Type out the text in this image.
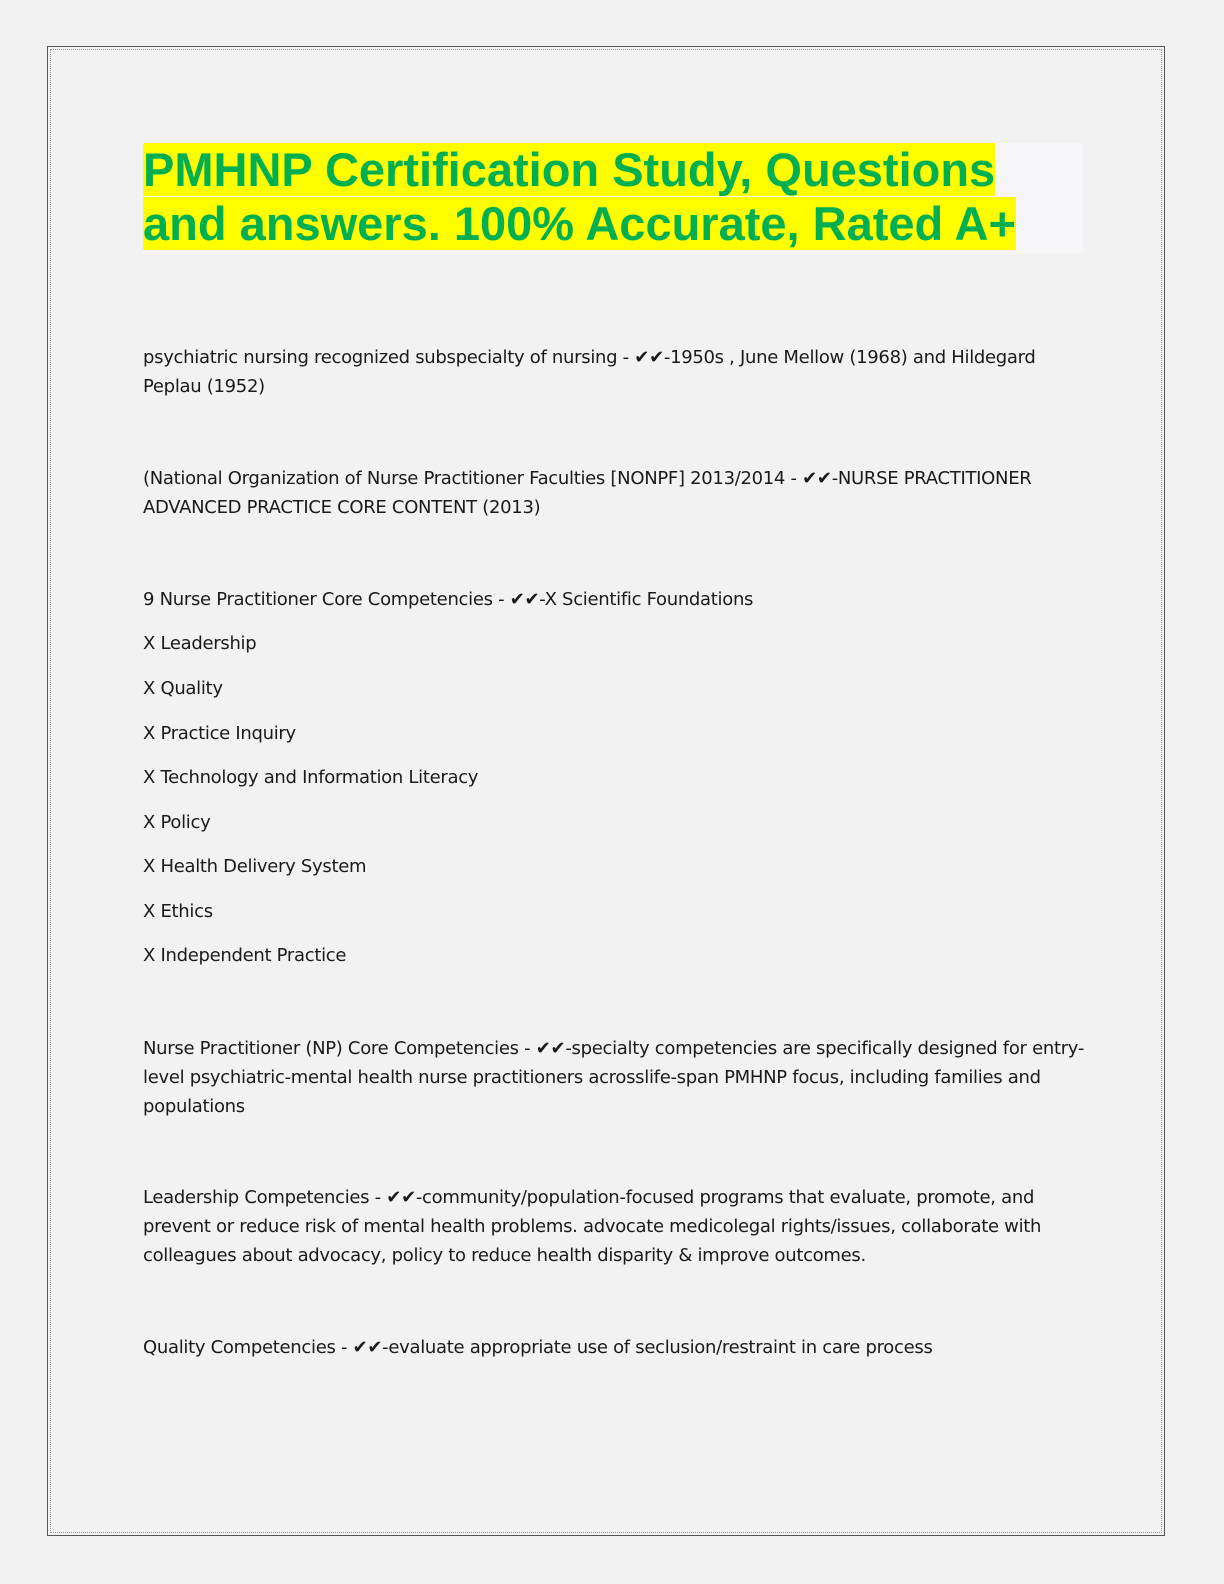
PMHNP Certification Study, Questions and answers. 100% Accurate, Rated A+

psychiatric nursing recognized subspecialty of nursing - ✔✔-1950s , June Mellow (1968) and Hildegard Peplau (1952)

(National Organization of Nurse Practitioner Faculties [NONPF] 2013/2014 - ✔✔-NURSE PRACTITIONER ADVANCED PRACTICE CORE CONTENT (2013)

9 Nurse Practitioner Core Competencies - ✔✔-X Scientific Foundations

X Leadership

X Quality

X Practice Inquiry

X Technology and Information Literacy

X Policy

X Health Delivery System

X Ethics

X Independent Practice

Nurse Practitioner (NP) Core Competencies - ✔✔-specialty competencies are specifically designed for entry-level psychiatric-mental health nurse practitioners acrosslife-span PMHNP focus, including families and populations

Leadership Competencies - ✔✔-community/population-focused programs that evaluate, promote, and prevent or reduce risk of mental health problems. advocate medicolegal rights/issues, collaborate with colleagues about advocacy, policy to reduce health disparity & improve outcomes.

Quality Competencies - ✔✔-evaluate appropriate use of seclusion/restraint in care process
